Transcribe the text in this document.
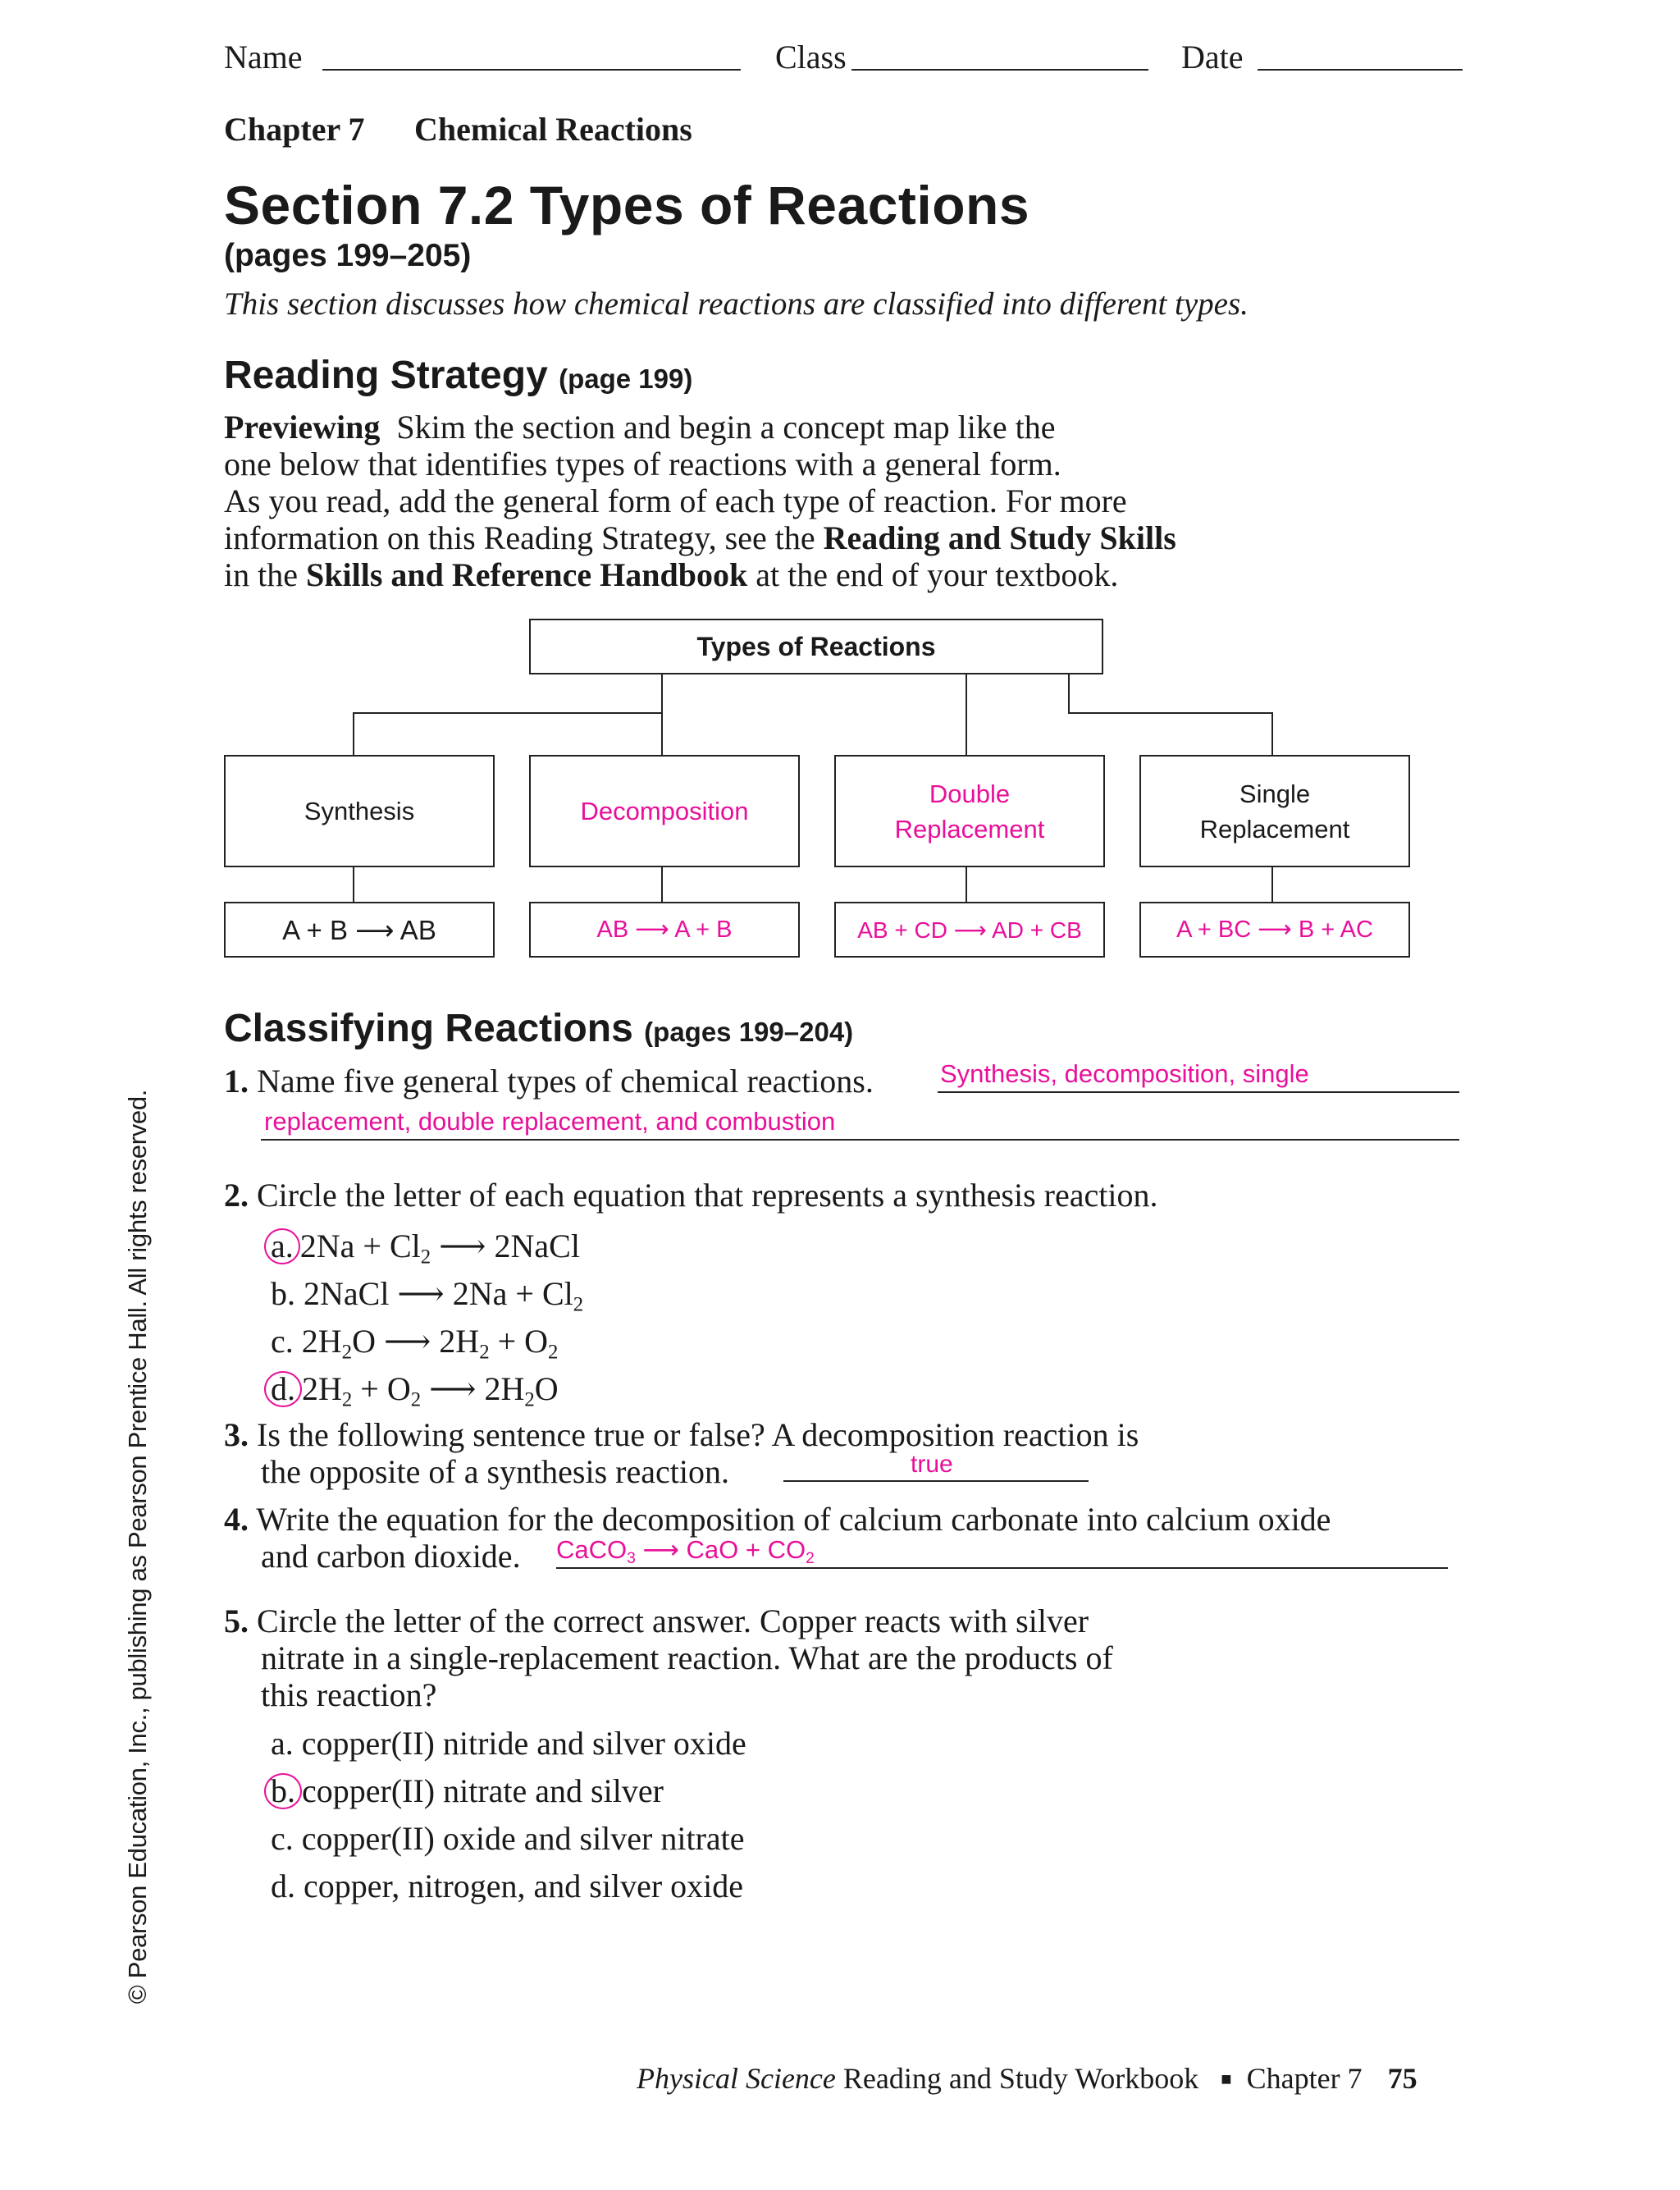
Name	Class	Date
Chapter 7 Chemical Reactions
Section 7.2 Types of Reactions
(pages 199–205)
This section discusses how chemical reactions are classified into different types.
Reading Strategy (page 199)
Previewing Skim the section and begin a concept map like the
one below that identifies types of reactions with a general form.
As you read, add the general form of each type of reaction. For more
information on this Reading Strategy, see the Reading and Study Skills
in the Skills and Reference Handbook at the end of your textbook.
Types of Reactions
Synthesis	Decomposition
Double Replacement
Single Replacement
A + B ⟶ AB	AB ⟶ A + B	AB + CD ⟶ AD + CB	A + BC ⟶ B + AC
Classifying Reactions (pages 199–204)
1. Name five general types of chemical reactions.	Synthesis, decomposition, single
replacement, double replacement, and combustion
2. Circle the letter of each equation that represents a synthesis reaction.
a. $2Na + Cl_2$ ⟶ 2NaCl
b. 2NaCl ⟶ $2Na + Cl_2$
c. $2H_2O$ ⟶ $2H_2 + O_2$
d. $2H_2 + O_2$ ⟶ $2H_2O$
3. Is the following sentence true or false? A decomposition reaction is
the opposite of a synthesis reaction.	true
4. Write the equation for the decomposition of calcium carbonate into calcium oxide
and carbon dioxide.	CaCO$_3$ ⟶ CaO + $CO_2$
5. Circle the letter of the correct answer. Copper reacts with silver
nitrate in a single-replacement reaction. What are the products of
this reaction?
a. copper(II) nitride and silver oxide
b. copper(II) nitrate and silver
c. copper(II) oxide and silver nitrate
d. copper, nitrogen, and silver oxide
© Pearson Education, Inc., publishing as Pearson Prentice Hall. All rights reserved.
Physical Science Reading and Study Workbook ■ Chapter 7 75
